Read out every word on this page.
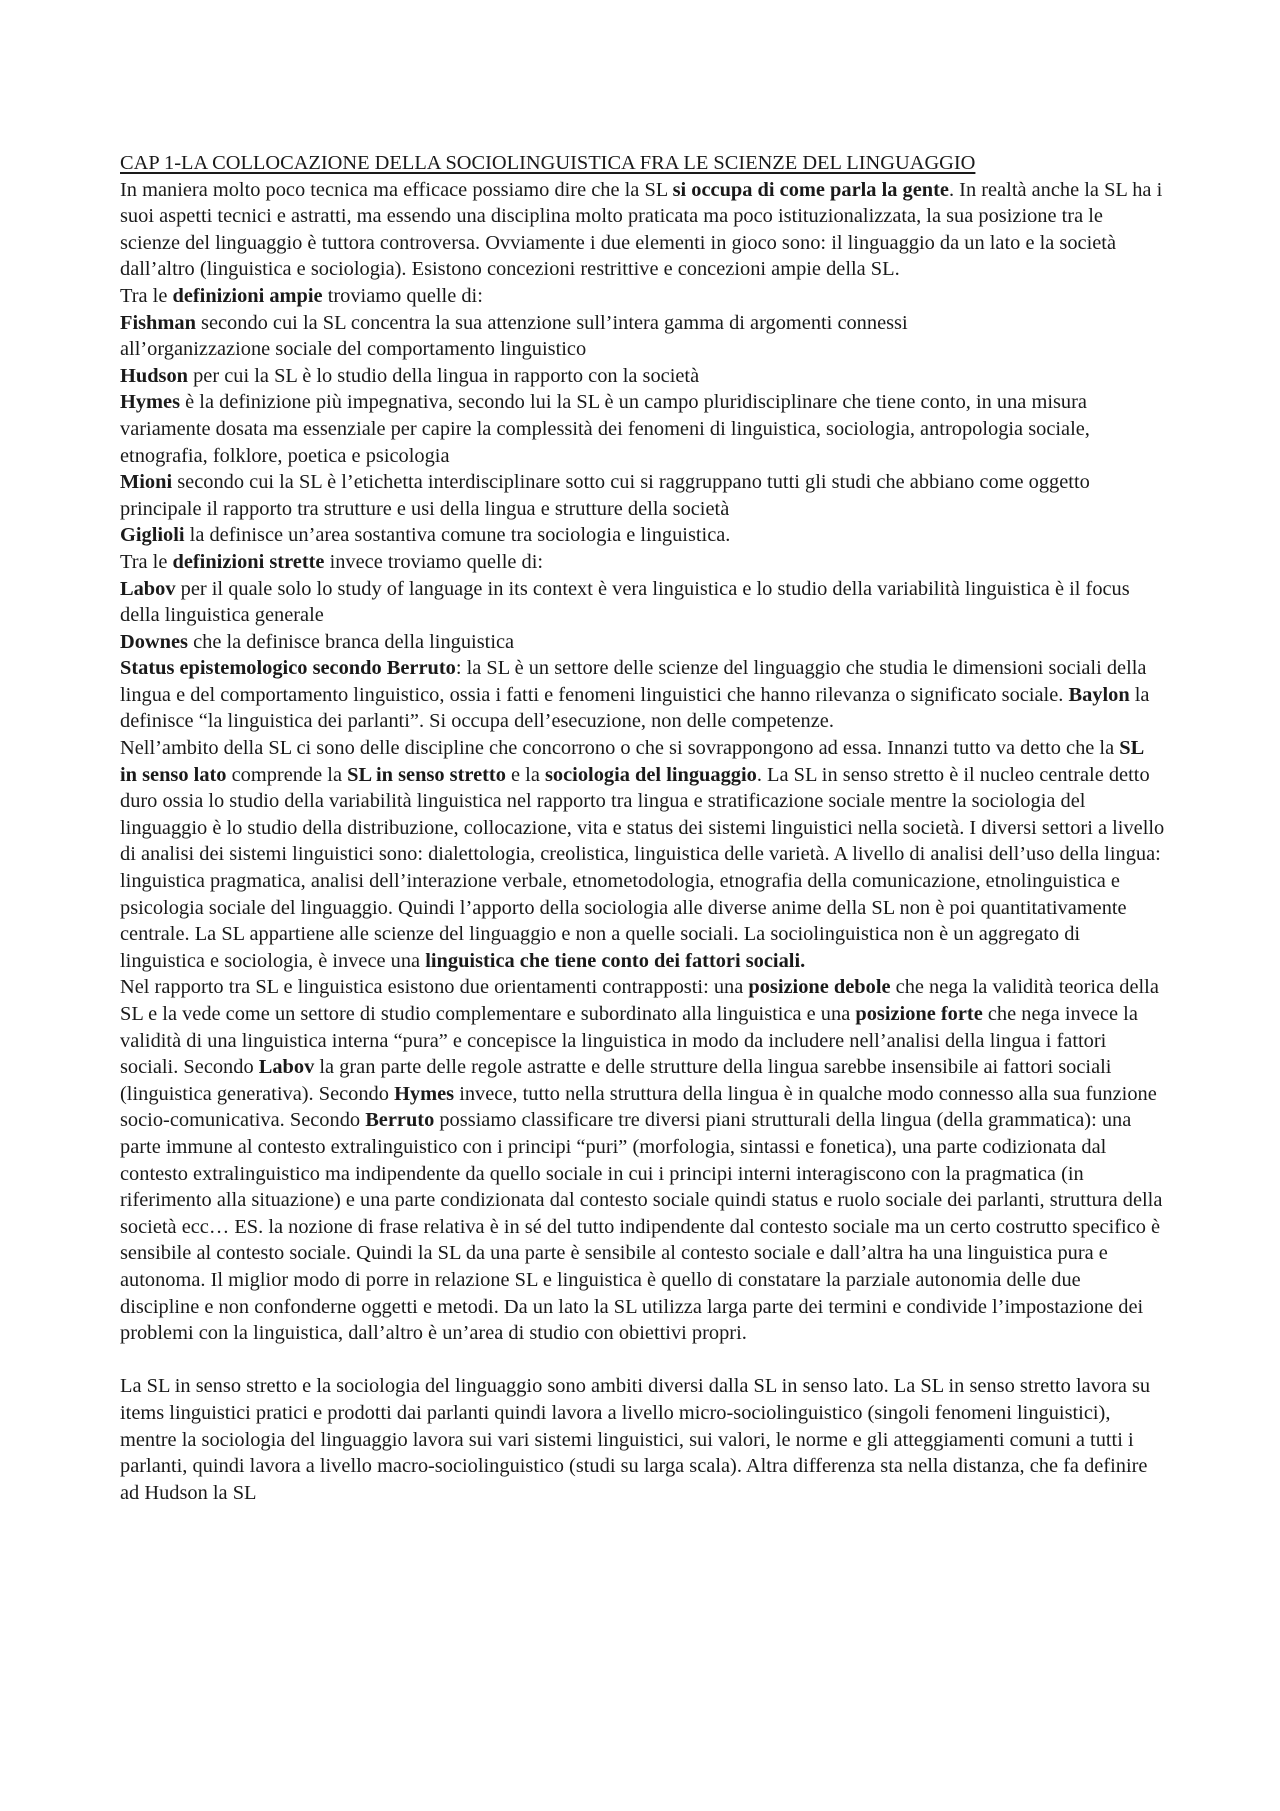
CAP 1-LA COLLOCAZIONE DELLA SOCIOLINGUISTICA FRA LE SCIENZE DEL LINGUAGGIO
In maniera molto poco tecnica ma efficace possiamo dire che la SL si occupa di come parla la gente. In realtà anche la SL ha i suoi aspetti tecnici e astratti, ma essendo una disciplina molto praticata ma poco istituzionalizzata, la sua posizione tra le scienze del linguaggio è tuttora controversa. Ovviamente i due elementi in gioco sono: il linguaggio da un lato e la società dall’altro (linguistica e sociologia). Esistono concezioni restrittive e concezioni ampie della SL.
Tra le definizioni ampie troviamo quelle di:
Fishman secondo cui la SL concentra la sua attenzione sull’intera gamma di argomenti connessi
all’organizzazione sociale del comportamento linguistico
Hudson per cui la SL è lo studio della lingua in rapporto con la società
Hymes è la definizione più impegnativa, secondo lui la SL è un campo pluridisciplinare che tiene conto, in una misura variamente dosata ma essenziale per capire la complessità dei fenomeni di linguistica, sociologia, antropologia sociale, etnografia, folklore, poetica e psicologia
Mioni secondo cui la SL è l’etichetta interdisciplinare sotto cui si raggruppano tutti gli studi che abbiano come oggetto principale il rapporto tra strutture e usi della lingua e strutture della società
Giglioli la definisce un’area sostantiva comune tra sociologia e linguistica.
Tra le definizioni strette invece troviamo quelle di:
Labov per il quale solo lo study of language in its context è vera linguistica e lo studio della variabilità linguistica è il focus della linguistica generale
Downes che la definisce branca della linguistica
Status epistemologico secondo Berruto: la SL è un settore delle scienze del linguaggio che studia le dimensioni sociali della lingua e del comportamento linguistico, ossia i fatti e fenomeni linguistici che hanno rilevanza o significato sociale. Baylon la definisce “la linguistica dei parlanti”. Si occupa dell’esecuzione, non delle competenze.
Nell’ambito della SL ci sono delle discipline che concorrono o che si sovrappongono ad essa. Innanzi tutto va detto che la SL in senso lato comprende la SL in senso stretto e la sociologia del linguaggio. La SL in senso stretto è il nucleo centrale detto duro ossia lo studio della variabilità linguistica nel rapporto tra lingua e stratificazione sociale mentre la sociologia del linguaggio è lo studio della distribuzione, collocazione, vita e status dei sistemi linguistici nella società. I diversi settori a livello di analisi dei sistemi linguistici sono: dialettologia, creolistica, linguistica delle varietà. A livello di analisi dell’uso della lingua: linguistica pragmatica, analisi dell’interazione verbale, etnometodologia, etnografia della comunicazione, etnolinguistica e psicologia sociale del linguaggio. Quindi l’apporto della sociologia alle diverse anime della SL non è poi quantitativamente centrale. La SL appartiene alle scienze del linguaggio e non a quelle sociali. La sociolinguistica non è un aggregato di linguistica e sociologia, è invece una linguistica che tiene conto dei fattori sociali.
Nel rapporto tra SL e linguistica esistono due orientamenti contrapposti: una posizione debole che nega la validità teorica della SL e la vede come un settore di studio complementare e subordinato alla linguistica e una posizione forte che nega invece la validità di una linguistica interna “pura” e concepisce la linguistica in modo da includere nell’analisi della lingua i fattori sociali. Secondo Labov la gran parte delle regole astratte e delle strutture della lingua sarebbe insensibile ai fattori sociali (linguistica generativa). Secondo Hymes invece, tutto nella struttura della lingua è in qualche modo connesso alla sua funzione socio-comunicativa. Secondo Berruto possiamo classificare tre diversi piani strutturali della lingua (della grammatica): una parte immune al contesto extralinguistico con i principi “puri” (morfologia, sintassi e fonetica), una parte codizionata dal contesto extralinguistico ma indipendente da quello sociale in cui i principi interni interagiscono con la pragmatica (in riferimento alla situazione) e una parte condizionata dal contesto sociale quindi status e ruolo sociale dei parlanti, struttura della società ecc… ES. la nozione di frase relativa è in sé del tutto indipendente dal contesto sociale ma un certo costrutto specifico è sensibile al contesto sociale. Quindi la SL da una parte è sensibile al contesto sociale e dall’altra ha una linguistica pura e autonoma. Il miglior modo di porre in relazione SL e linguistica è quello di constatare la parziale autonomia delle due discipline e non confonderne oggetti e metodi. Da un lato la SL utilizza larga parte dei termini e condivide l’impostazione dei problemi con la linguistica, dall’altro è un’area di studio con obiettivi propri.
La SL in senso stretto e la sociologia del linguaggio sono ambiti diversi dalla SL in senso lato. La SL in senso stretto lavora su items linguistici pratici e prodotti dai parlanti quindi lavora a livello micro-sociolinguistico (singoli fenomeni linguistici), mentre la sociologia del linguaggio lavora sui vari sistemi linguistici, sui valori, le norme e gli atteggiamenti comuni a tutti i parlanti, quindi lavora a livello macro-sociolinguistico (studi su larga scala). Altra differenza sta nella distanza, che fa definire ad Hudson la SL
